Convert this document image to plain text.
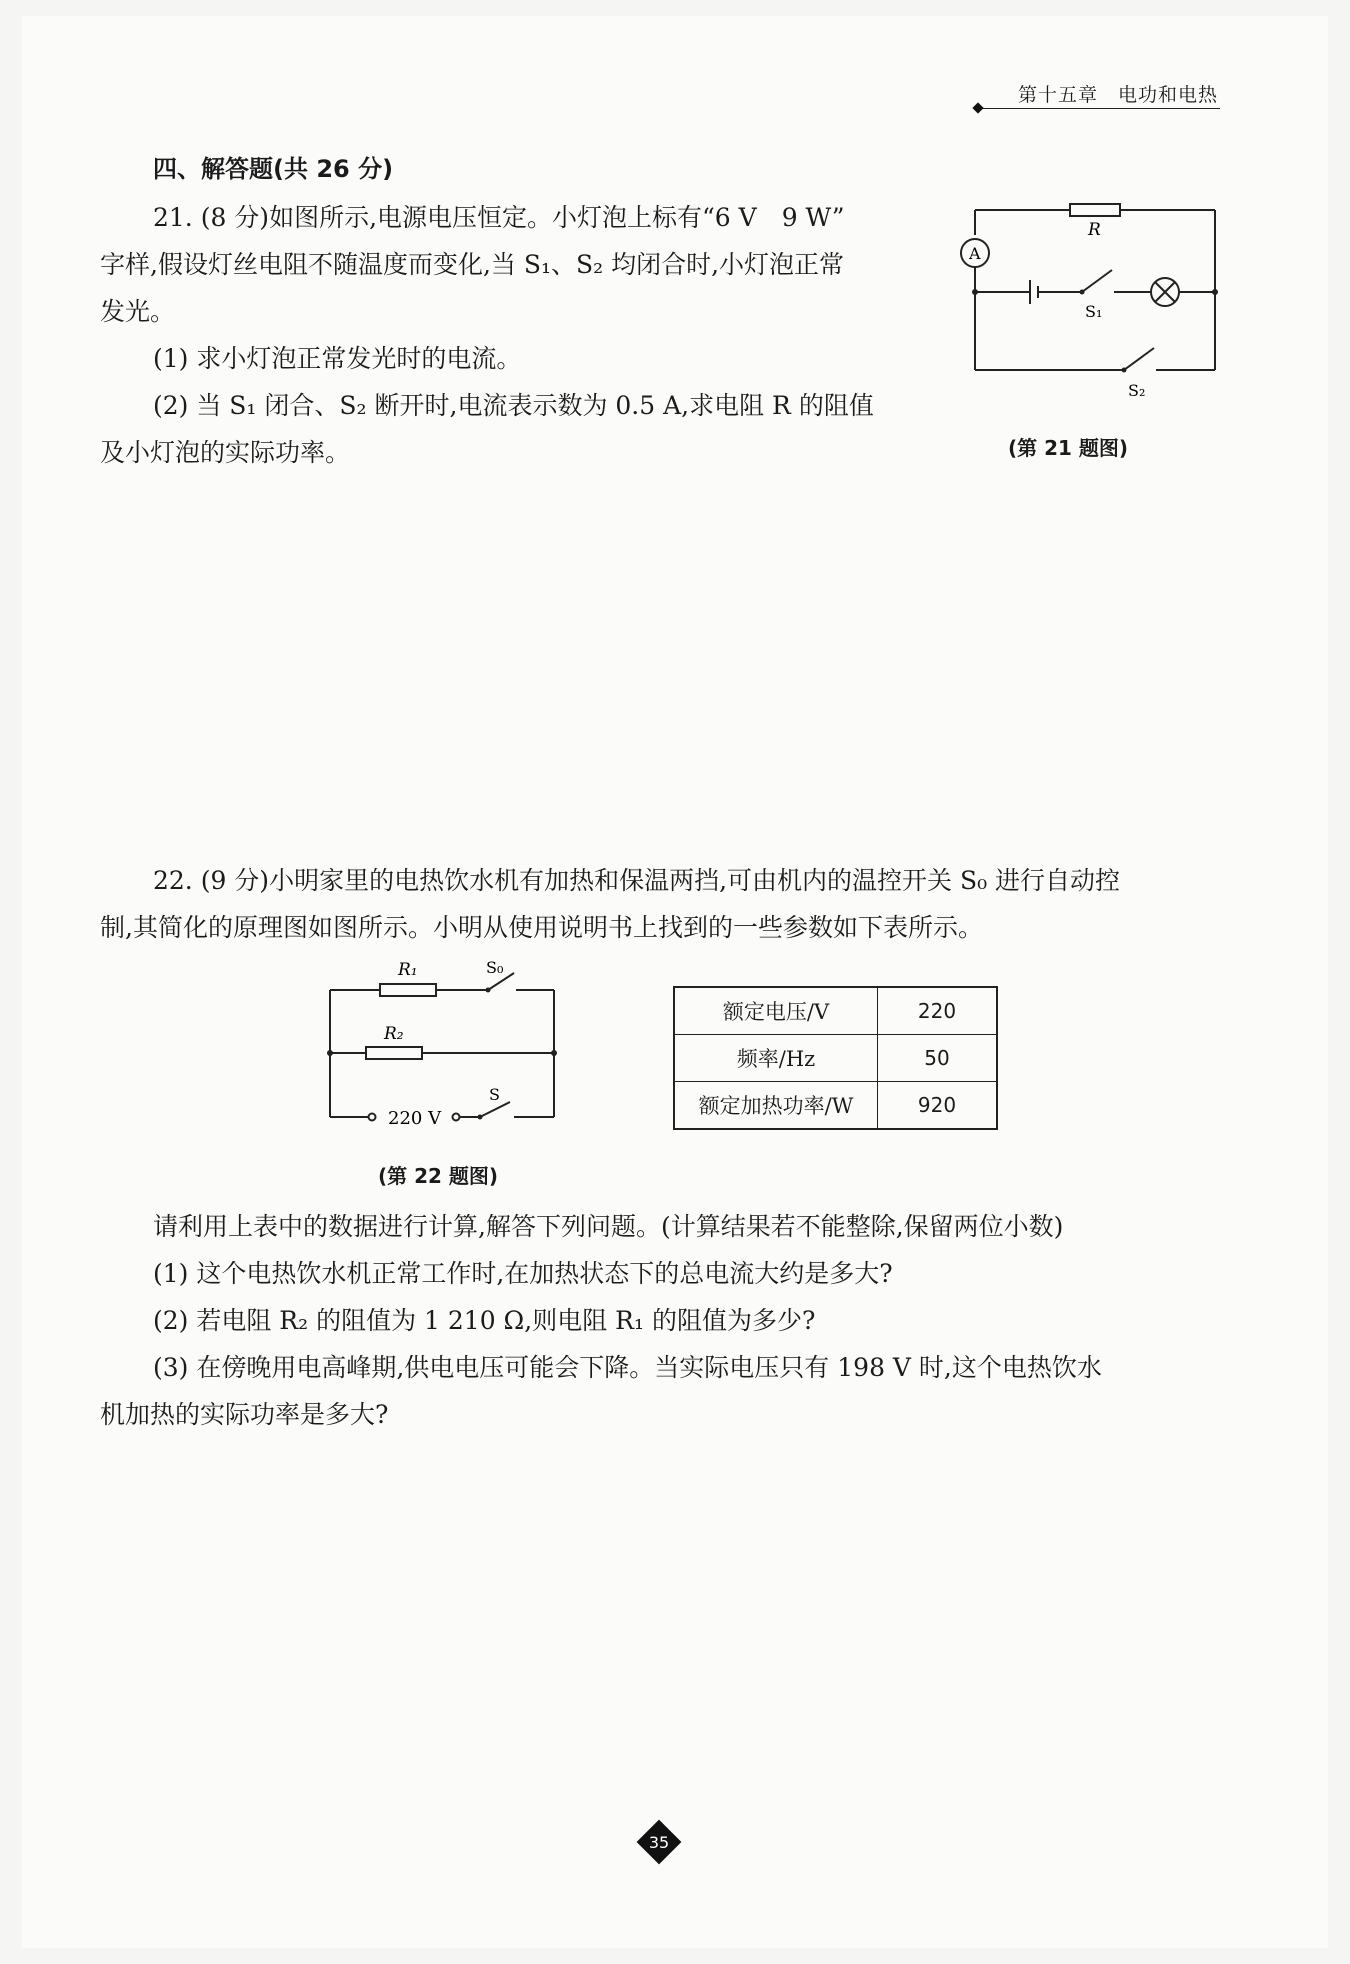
第十五章　电功和电热
四、解答题(共 26 分)
21. (8 分)如图所示,电源电压恒定。小灯泡上标有“6 V　9 W”
字样,假设灯丝电阻不随温度而变化,当 S₁、S₂ 均闭合时,小灯泡正常
发光。
(1) 求小灯泡正常发光时的电流。
(2) 当 S₁ 闭合、S₂ 断开时,电流表示数为 0.5 A,求电阻 R 的阻值
及小灯泡的实际功率。
R
A
S₁
S₂
(第 21 题图)
22. (9 分)小明家里的电热饮水机有加热和保温两挡,可由机内的温控开关 S₀ 进行自动控
制,其简化的原理图如图所示。小明从使用说明书上找到的一些参数如下表所示。
R₁	S₀
R₂
220 V
S
(第 22 题图)
额定电压/V	220
频率/Hz	50
额定加热功率/W	920
请利用上表中的数据进行计算,解答下列问题。(计算结果若不能整除,保留两位小数)
(1) 这个电热饮水机正常工作时,在加热状态下的总电流大约是多大?
(2) 若电阻 R₂ 的阻值为 1 210 Ω,则电阻 R₁ 的阻值为多少?
(3) 在傍晚用电高峰期,供电电压可能会下降。当实际电压只有 198 V 时,这个电热饮水
机加热的实际功率是多大?
35
